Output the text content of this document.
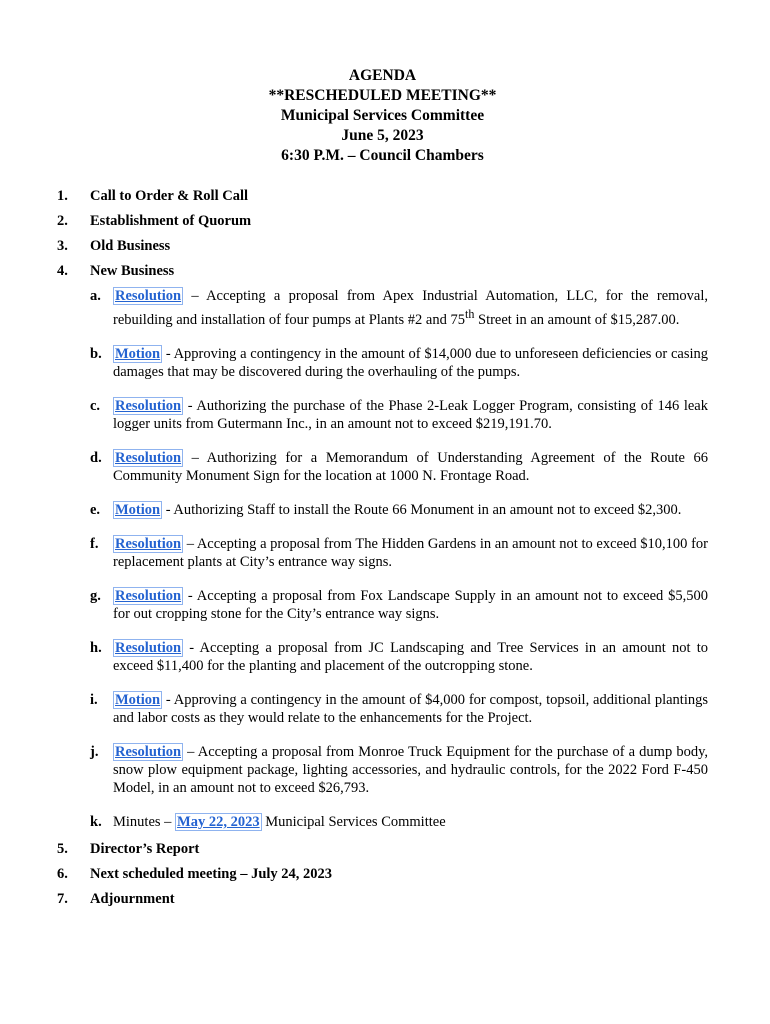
AGENDA
**RESCHEDULED MEETING**
Municipal Services Committee
June 5, 2023
6:30 P.M. – Council Chambers
1.	Call to Order & Roll Call
2.	Establishment of Quorum
3.	Old Business
4.	New Business
a. Resolution – Accepting a proposal from Apex Industrial Automation, LLC, for the removal, rebuilding and installation of four pumps at Plants #2 and 75th Street in an amount of $15,287.00.
b. Motion - Approving a contingency in the amount of $14,000 due to unforeseen deficiencies or casing damages that may be discovered during the overhauling of the pumps.
c.	Resolution - Authorizing the purchase of the Phase 2-Leak Logger Program, consisting of 146 leak logger units from Gutermann Inc., in an amount not to exceed $219,191.70.
d. Resolution – Authorizing for a Memorandum of Understanding Agreement of the Route 66 Community Monument Sign for the location at 1000 N. Frontage Road.
e.	Motion - Authorizing Staff to install the Route 66 Monument in an amount not to exceed $2,300.
f.	Resolution – Accepting a proposal from The Hidden Gardens in an amount not to exceed $10,100 for replacement plants at City’s entrance way signs.
g. Resolution - Accepting a proposal from Fox Landscape Supply in an amount not to exceed $5,500 for out cropping stone for the City’s entrance way signs.
h. Resolution - Accepting a proposal from JC Landscaping and Tree Services in an amount not to exceed $11,400 for the planting and placement of the outcropping stone.
i.	Motion - Approving a contingency in the amount of $4,000 for compost, topsoil, additional plantings and labor costs as they would relate to the enhancements for the Project.
j.	Resolution – Accepting a proposal from Monroe Truck Equipment for the purchase of a dump body, snow plow equipment package, lighting accessories, and hydraulic controls, for the 2022 Ford F-450 Model, in an amount not to exceed $26,793.
k. Minutes – May 22, 2023 Municipal Services Committee
5.	Director’s Report
6.	Next scheduled meeting – July 24, 2023
7.	Adjournment
